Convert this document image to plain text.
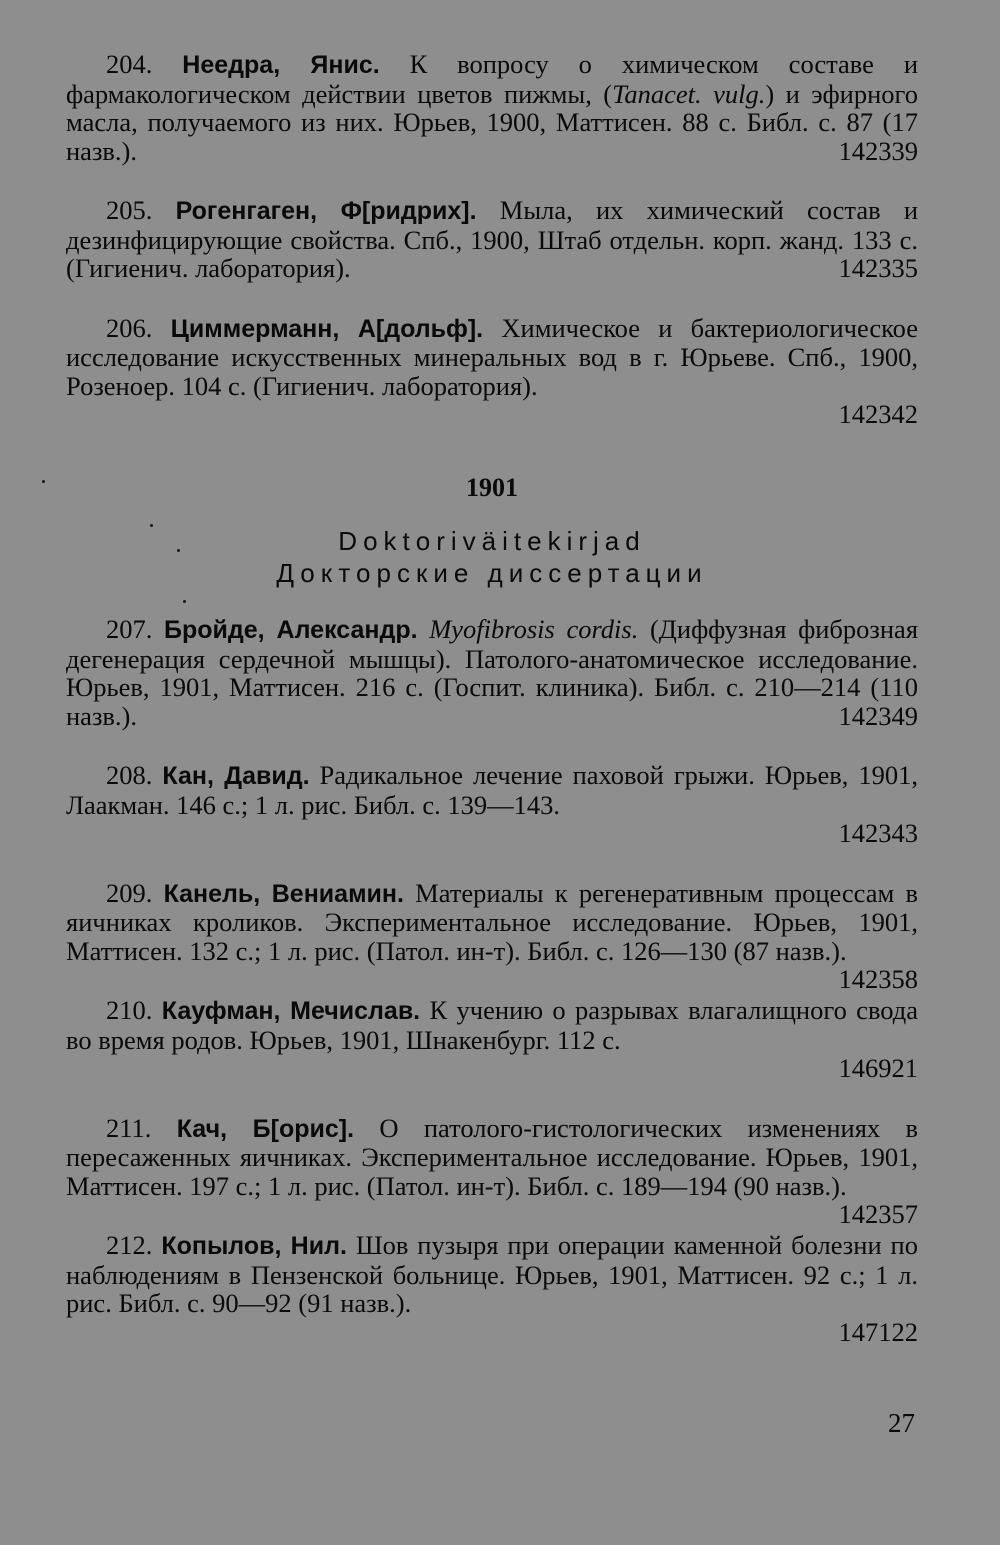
204. Неедра, Янис. К вопросу о химическом составе и фармакологическом действии цветов пижмы, (Tanacet. vulg.) и эфирного масла, получаемого из них. Юрьев, 1900, Маттисен. 88 с. Библ. с. 87 (17 назв.).	142339
205. Рогенгаген, Ф[ридрих]. Мыла, их химический состав и дезинфицирующие свойства. Спб., 1900, Штаб отдельн. корп. жанд. 133 с. (Гигиенич. лаборатория).	142335
206. Циммерманн, А[дольф]. Химическое и бактериологическое исследование искусственных минеральных вод в г. Юрьеве. Спб., 1900, Розеноер. 104 с. (Гигиенич. лаборатория).
142342
1901
Doktoriväitekirjad
Докторские диссертации
207. Бройде, Александр. Myofibrosis cordis. (Диффузная фиброзная дегенерация сердечной мышцы). Патолого-анатомическое исследование. Юрьев, 1901, Маттисен. 216 с. (Госпит. клиника). Библ. с. 210—214 (110 назв.).	142349
208. Кан, Давид. Радикальное лечение паховой грыжи. Юрьев, 1901, Лаакман. 146 с.; 1 л. рис. Библ. с. 139—143.
142343
209. Канель, Вениамин. Материалы к регенеративным процессам в яичниках кроликов. Экспериментальное исследование. Юрьев, 1901, Маттисен. 132 с.; 1 л. рис. (Патол. ин-т). Библ. с. 126—130 (87 назв.).
142358
210. Кауфман, Мечислав. К учению о разрывах влагалищного свода во время родов. Юрьев, 1901, Шнакенбург. 112 с.
146921
211. Кач, Б[орис]. О патолого-гистологических изменениях в пересаженных яичниках. Экспериментальное исследование. Юрьев, 1901, Маттисен. 197 с.; 1 л. рис. (Патол. ин-т). Библ. с. 189—194 (90 назв.).
142357
212. Копылов, Нил. Шов пузыря при операции каменной болезни по наблюдениям в Пензенской больнице. Юрьев, 1901, Маттисен. 92 с.; 1 л. рис. Библ. с. 90—92 (91 назв.).
147122
27
